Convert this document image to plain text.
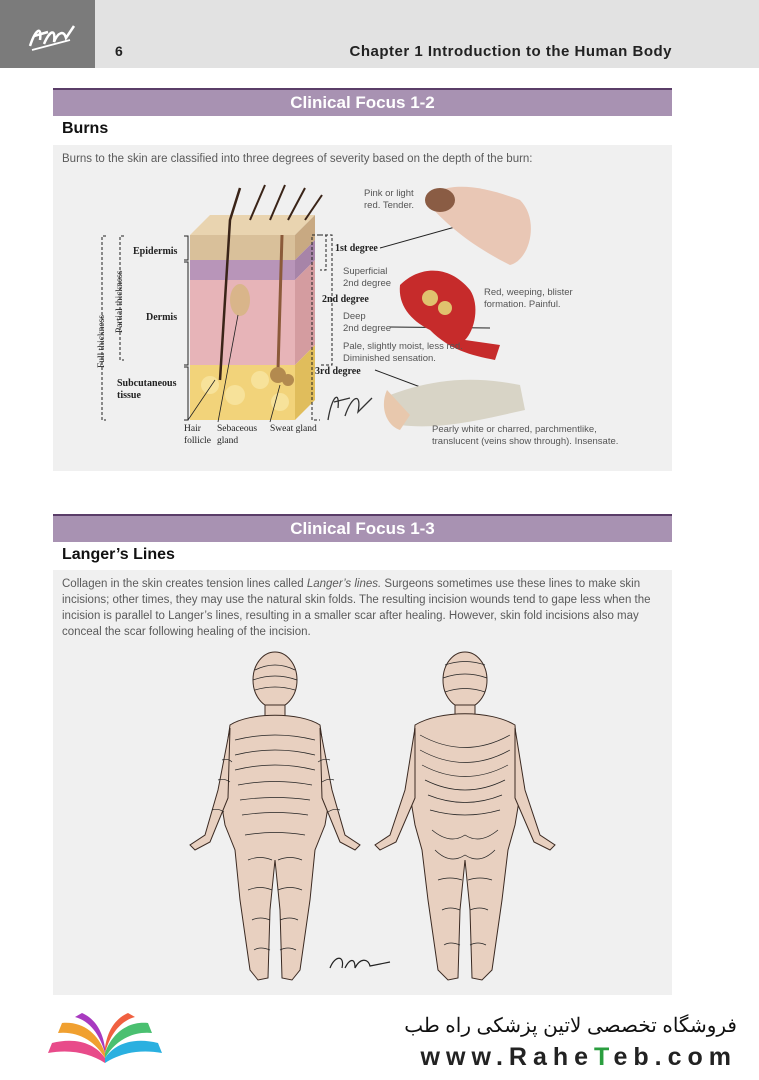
6	Chapter 1 Introduction to the Human Body
Clinical Focus 1-2
Burns
Burns to the skin are classified into three degrees of severity based on the depth of the burn:
Epidermis
Dermis
Subcutaneous
tissue
Full thickness
Partial thickness
1st degree
2nd degree
3rd degree
Hair
follicle
Sebaceous
gland
Sweat gland
Pink or light
red. Tender.
Superficial
2nd degree
Red, weeping, blister
formation. Painful.
Deep
2nd degree
Pale, slightly moist, less red.
Diminished sensation.
Pearly white or charred, parchmentlike,
translucent (veins show through). Insensate.
Clinical Focus 1-3
Langer’s Lines
Collagen in the skin creates tension lines called Langer’s lines. Surgeons sometimes use these lines to make skin incisions; other times, they may use the natural skin folds. The resulting incision wounds tend to gape less when the incision is parallel to Langer’s lines, resulting in a smaller scar after healing. However, skin fold incisions also may conceal the scar following healing of the incision.
فروشگاه تخصصی لاتین پزشکی راه طب
www.RaheTeb.com
